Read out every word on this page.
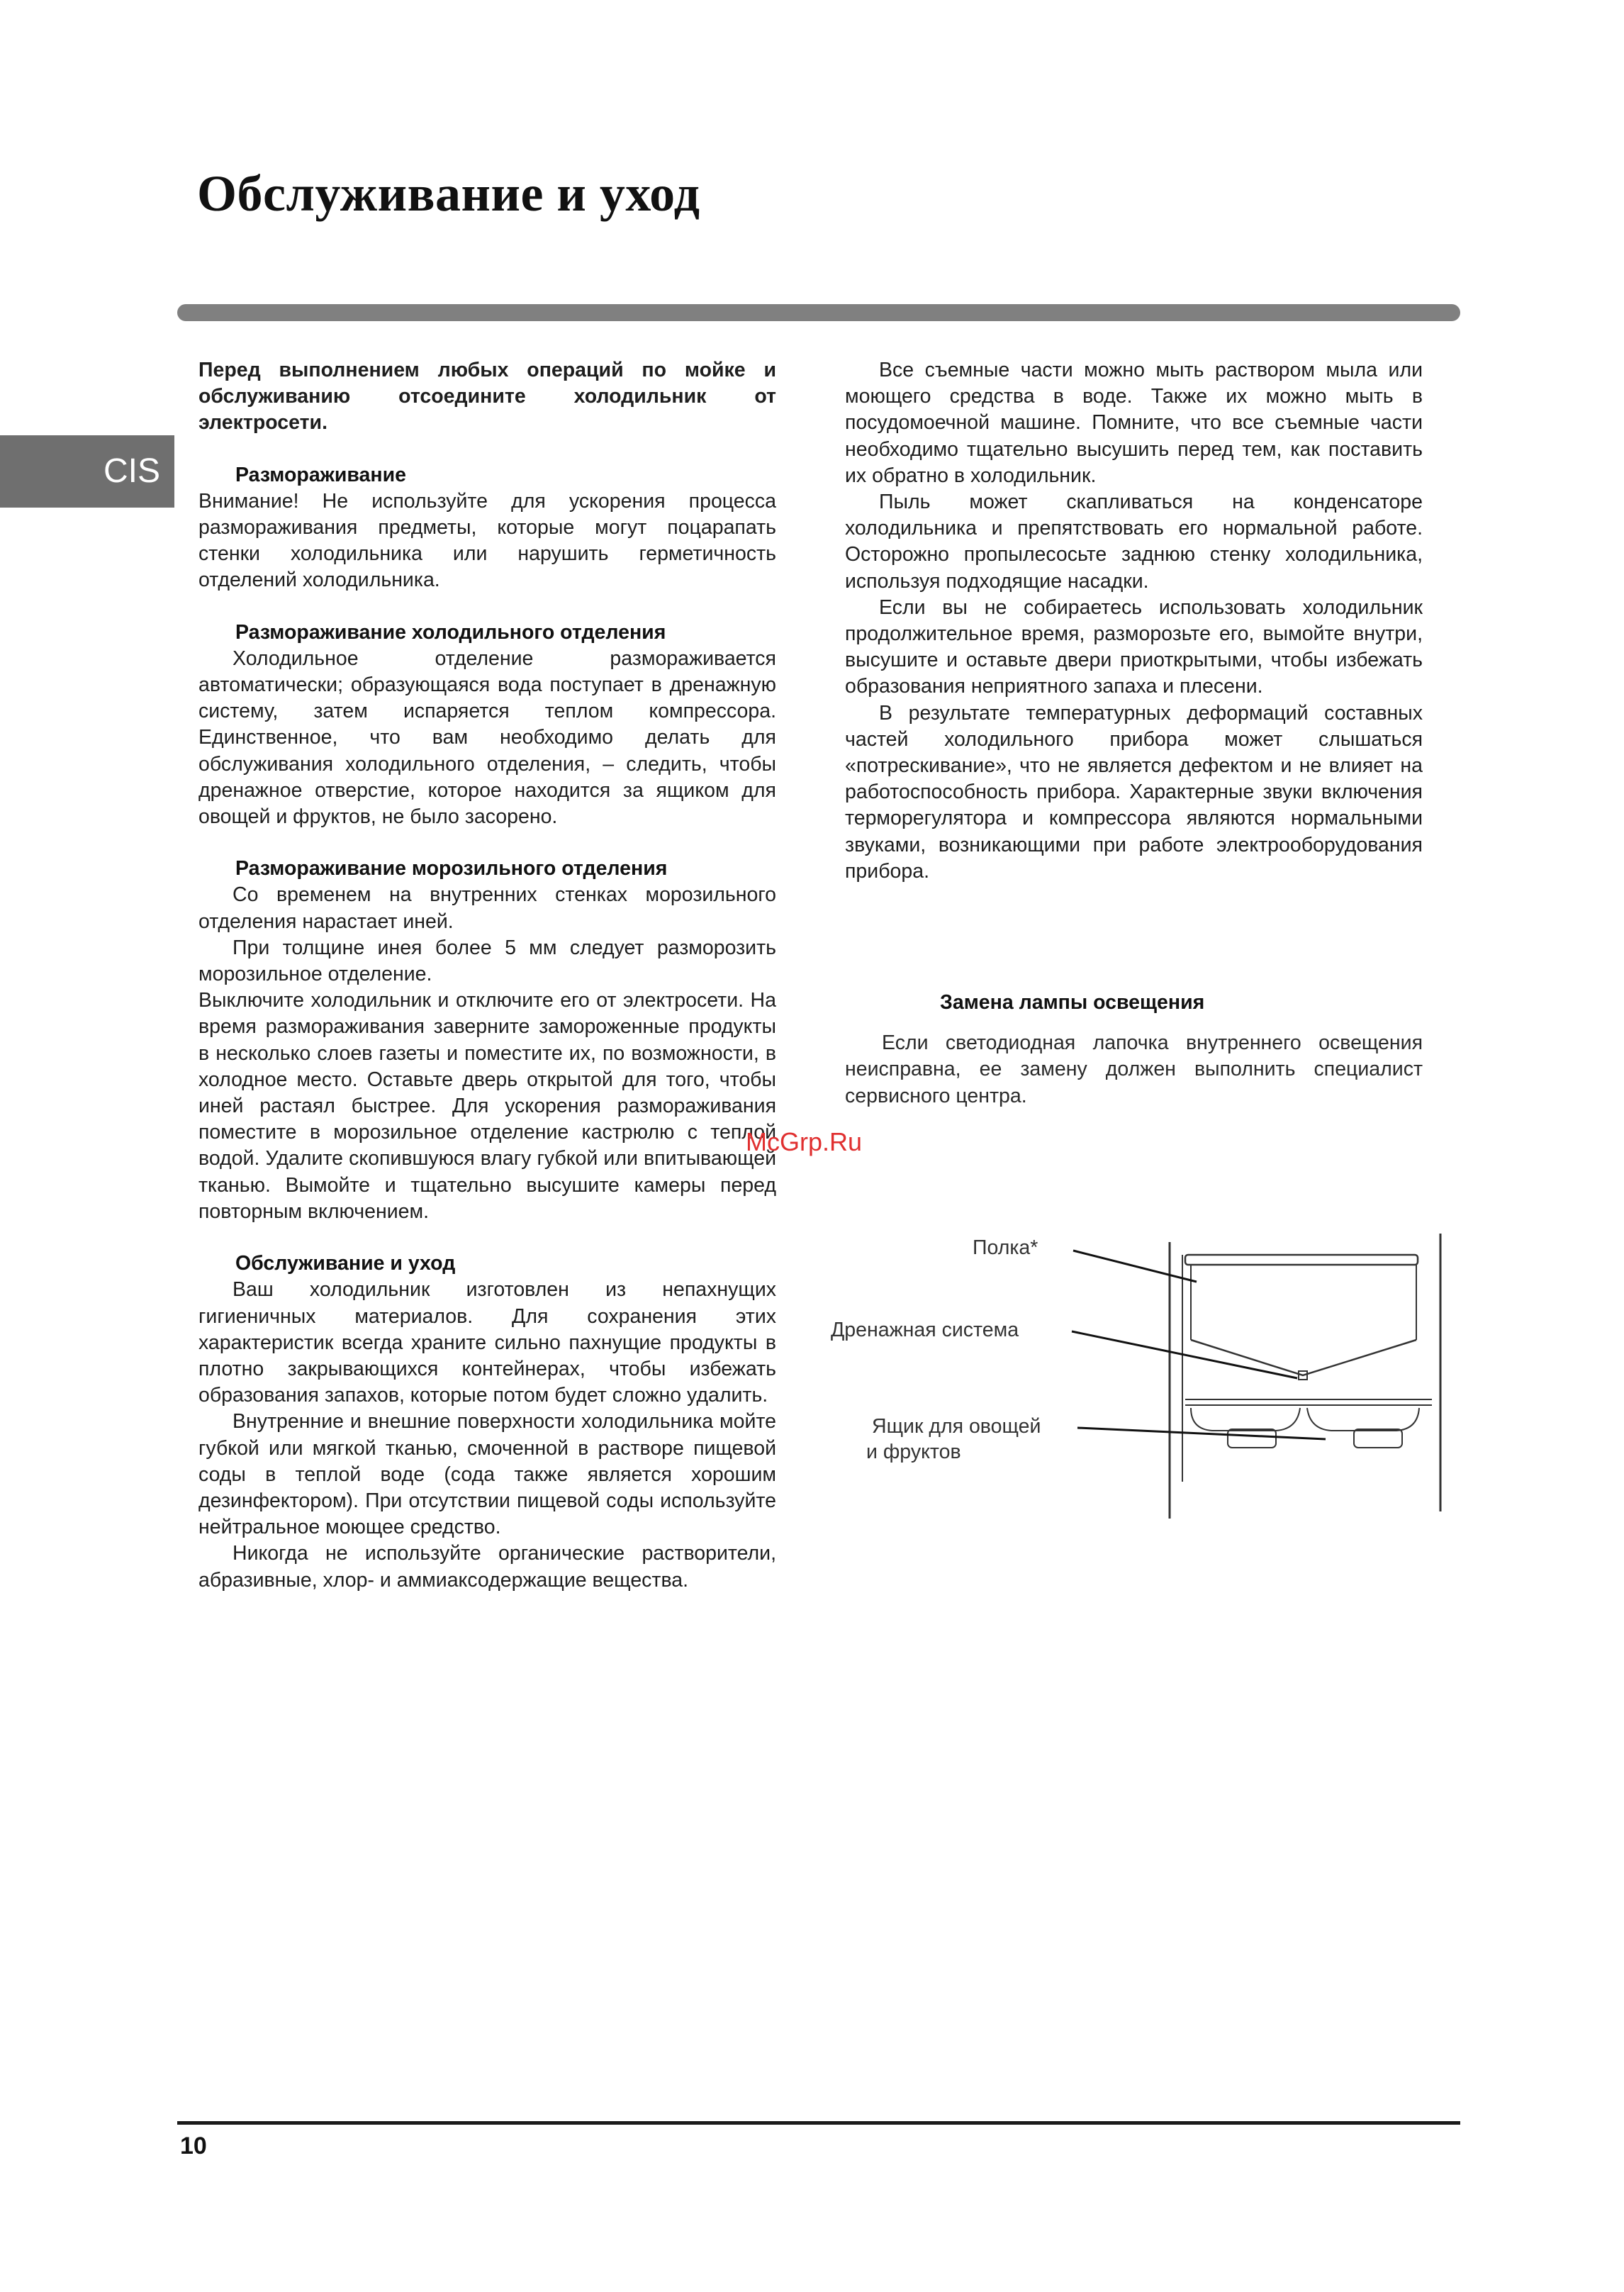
Обслуживание и уход
CIS

Перед выполнением любых операций по мойке и обслуживанию отсоедините холодильник от электросети.

Размораживание

Внимание! Не используйте для ускорения процесса размораживания предметы, которые могут поцарапать стенки холодильника или нарушить герметичность отделений холодильника.

Размораживание холодильного отделения

Холодильное отделение размораживается автоматически; образующаяся вода поступает в дренажную систему, затем испаряется теплом компрессора. Единственное, что вам необходимо делать для обслуживания холодильного отделения, – следить, чтобы дренажное отверстие, которое находится за ящиком для овощей и фруктов, не было засорено.

Размораживание морозильного отделения

Со временем на внутренних стенках морозильного отделения нарастает иней.

При толщине инея более 5 мм следует разморозить морозильное отделение.

Выключите холодильник и отключите его от электросети. На время размораживания заверните замороженные продукты в несколько слоев газеты и поместите их, по возможности, в холодное место. Оставьте дверь открытой для того, чтобы иней растаял быстрее. Для ускорения размораживания поместите в морозильное отделение кастрюлю с теплой водой. Удалите скопившуюся влагу губкой или впитывающей тканью. Вымойте и тщательно высушите камеры перед повторным включением.

Обслуживание и уход

Ваш холодильник изготовлен из непахнущих гигиеничных материалов. Для сохранения этих характеристик всегда храните сильно пахнущие продукты в плотно закрывающихся контейнерах, чтобы избежать образования запахов, которые потом будет сложно удалить.

Внутренние и внешние поверхности холодильника мойте губкой или мягкой тканью, смоченной в растворе пищевой соды в теплой воде (сода также является хорошим дезинфектором). При отсутствии пищевой соды используйте нейтральное моющее средство.

Никогда не используйте органические растворители, абразивные, хлор- и аммиаксодержащие вещества.

Все съемные части можно мыть раствором мыла или моющего средства в воде. Также их можно мыть в посудомоечной машине. Помните, что все съемные части необходимо тщательно высушить перед тем, как поставить их обратно в холодильник.

Пыль может скапливаться на конденсаторе холодильника и препятствовать его нормальной работе. Осторожно пропылесосьте заднюю стенку холодильника, используя подходящие насадки.

Если вы не собираетесь использовать холодильник продолжительное время, разморозьте его, вымойте внутри, высушите и оставьте двери приоткрытыми, чтобы избежать образования неприятного запаха и плесени.

В результате температурных деформаций составных частей холодильного прибора может слышаться «потрескивание», что не является дефектом и не влияет на работоспособность прибора. Характерные звуки включения терморегулятора и компрессора являются нормальными звуками, возникающими при работе электрооборудования прибора.

Замена лампы освещения

Если светодиодная лапочка внутреннего освещения неисправна, ее замену должен выполнить специалист сервисного центра.

McGrp.Ru
Полка*
Дренажная система
Ящик для овощей
и фруктов
10
